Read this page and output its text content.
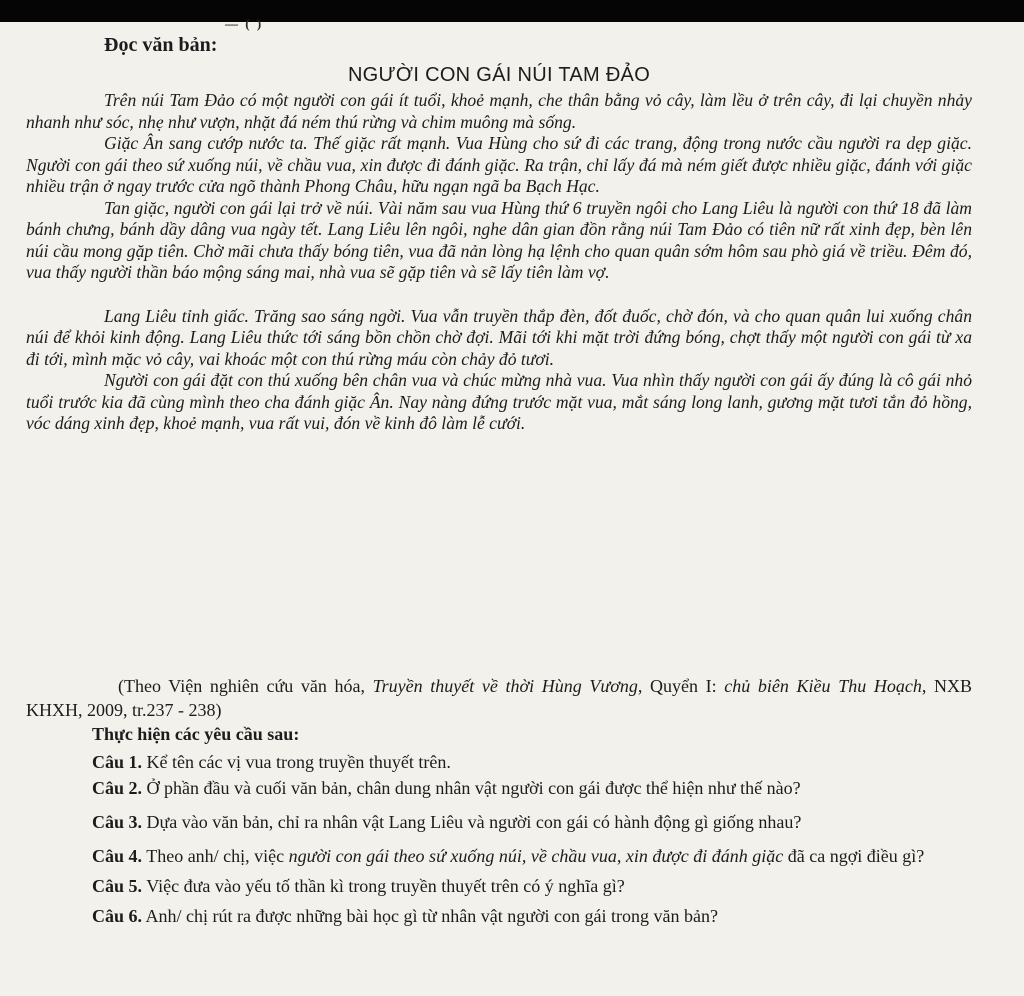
— ( )
Đọc văn bản:
NGƯỜI CON GÁI NÚI TAM ĐẢO

Trên núi Tam Đảo có một người con gái ít tuổi, khoẻ mạnh, che thân bằng vỏ cây, làm lều ở trên cây, đi lại chuyền nhảy nhanh như sóc, nhẹ như vượn, nhặt đá ném thú rừng và chim muông mà sống.

Giặc Ân sang cướp nước ta. Thế giặc rất mạnh. Vua Hùng cho sứ đi các trang, động trong nước cầu người ra dẹp giặc. Người con gái theo sứ xuống núi, về chầu vua, xin được đi đánh giặc. Ra trận, chỉ lấy đá mà ném giết được nhiều giặc, đánh với giặc nhiều trận ở ngay trước cửa ngõ thành Phong Châu, hữu ngạn ngã ba Bạch Hạc.

Tan giặc, người con gái lại trở về núi. Vài năm sau vua Hùng thứ 6 truyền ngôi cho Lang Liêu là người con thứ 18 đã làm bánh chưng, bánh dầy dâng vua ngày tết. Lang Liêu lên ngôi, nghe dân gian đồn rằng núi Tam Đảo có tiên nữ rất xinh đẹp, bèn lên núi cầu mong gặp tiên. Chờ mãi chưa thấy bóng tiên, vua đã nản lòng hạ lệnh cho quan quân sớm hôm sau phò giá về triều. Đêm đó, vua thấy người thần báo mộng sáng mai, nhà vua sẽ gặp tiên và sẽ lấy tiên làm vợ.

Lang Liêu tỉnh giấc. Trăng sao sáng ngời. Vua vẫn truyền thắp đèn, đốt đuốc, chờ đón, và cho quan quân lui xuống chân núi để khỏi kinh động. Lang Liêu thức tới sáng bồn chồn chờ đợi. Mãi tới khi mặt trời đứng bóng, chợt thấy một người con gái từ xa đi tới, mình mặc vỏ cây, vai khoác một con thú rừng máu còn chảy đỏ tươi.

Người con gái đặt con thú xuống bên chân vua và chúc mừng nhà vua. Vua nhìn thấy người con gái ấy đúng là cô gái nhỏ tuổi trước kia đã cùng mình theo cha đánh giặc Ân. Nay nàng đứng trước mặt vua, mắt sáng long lanh, gương mặt tươi tắn đỏ hồng, vóc dáng xinh đẹp, khoẻ mạnh, vua rất vui, đón về kinh đô làm lễ cưới.

(Theo Viện nghiên cứu văn hóa, Truyền thuyết về thời Hùng Vương, Quyển I: chủ biên Kiều Thu Hoạch, NXB KHXH, 2009, tr.237 - 238)
Thực hiện các yêu cầu sau:

Câu 1. Kể tên các vị vua trong truyền thuyết trên.

Câu 2. Ở phần đầu và cuối văn bản, chân dung nhân vật người con gái được thể hiện như thế nào?

Câu 3. Dựa vào văn bản, chỉ ra nhân vật Lang Liêu và người con gái có hành động gì giống nhau?

Câu 4. Theo anh/ chị, việc người con gái theo sứ xuống núi, về chầu vua, xin được đi đánh giặc đã ca ngợi điều gì?

Câu 5. Việc đưa vào yếu tố thần kì trong truyền thuyết trên có ý nghĩa gì?

Câu 6. Anh/ chị rút ra được những bài học gì từ nhân vật người con gái trong văn bản?
